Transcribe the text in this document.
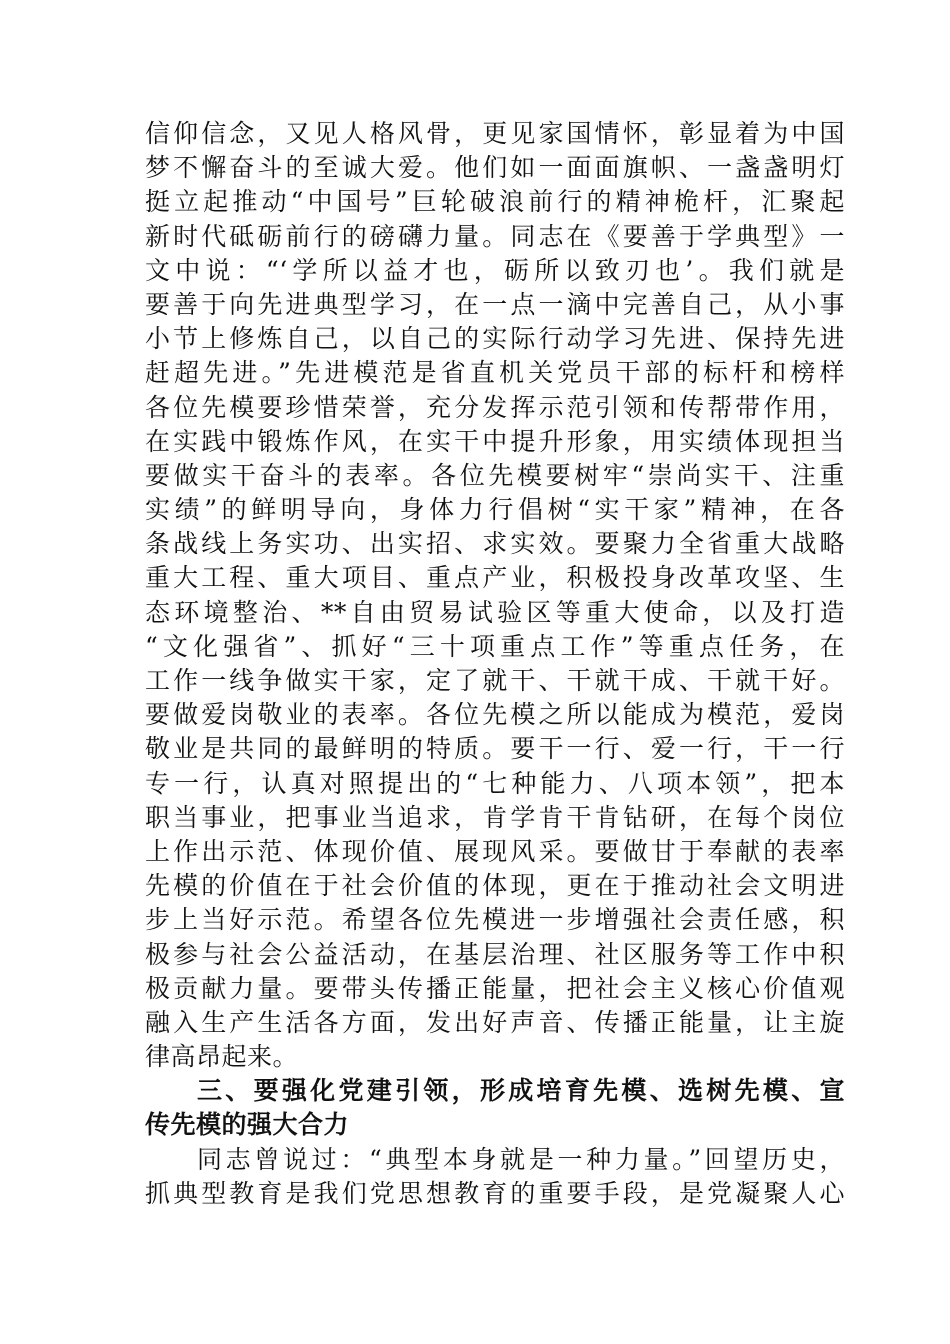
信仰信念，又见人格风骨，更见家国情怀，彰显着为中国
梦不懈奋斗的至诚大爱。他们如一面面旗帜、一盏盏明灯
挺立起推动“中国号”巨轮破浪前行的精神桅杆，汇聚起
新时代砥砺前行的磅礴力量。同志在《要善于学典型》一
文中说：“‘学所以益才也，砺所以致刃也’。我们就是
要善于向先进典型学习，在一点一滴中完善自己，从小事
小节上修炼自己，以自己的实际行动学习先进、保持先进
赶超先进。”先进模范是省直机关党员干部的标杆和榜样
各位先模要珍惜荣誉，充分发挥示范引领和传帮带作用，
在实践中锻炼作风，在实干中提升形象，用实绩体现担当
要做实干奋斗的表率。各位先模要树牢“崇尚实干、注重
实绩”的鲜明导向，身体力行倡树“实干家”精神，在各
条战线上务实功、出实招、求实效。要聚力全省重大战略
重大工程、重大项目、重点产业，积极投身改革攻坚、生
态环境整治、**自由贸易试验区等重大使命，以及打造
“文化强省”、抓好“三十项重点工作”等重点任务，在
工作一线争做实干家，定了就干、干就干成、干就干好。
要做爱岗敬业的表率。各位先模之所以能成为模范，爱岗
敬业是共同的最鲜明的特质。要干一行、爱一行，干一行
专一行，认真对照提出的“七种能力、八项本领”，把本
职当事业，把事业当追求，肯学肯干肯钻研，在每个岗位
上作出示范、体现价值、展现风采。要做甘于奉献的表率
先模的价值在于社会价值的体现，更在于推动社会文明进
步上当好示范。希望各位先模进一步增强社会责任感，积
极参与社会公益活动，在基层治理、社区服务等工作中积
极贡献力量。要带头传播正能量，把社会主义核心价值观
融入生产生活各方面，发出好声音、传播正能量，让主旋
律高昂起来。
三、要强化党建引领，形成培育先模、选树先模、宣
传先模的强大合力
同志曾说过：“典型本身就是一种力量。”回望历史，
抓典型教育是我们党思想教育的重要手段，是党凝聚人心
